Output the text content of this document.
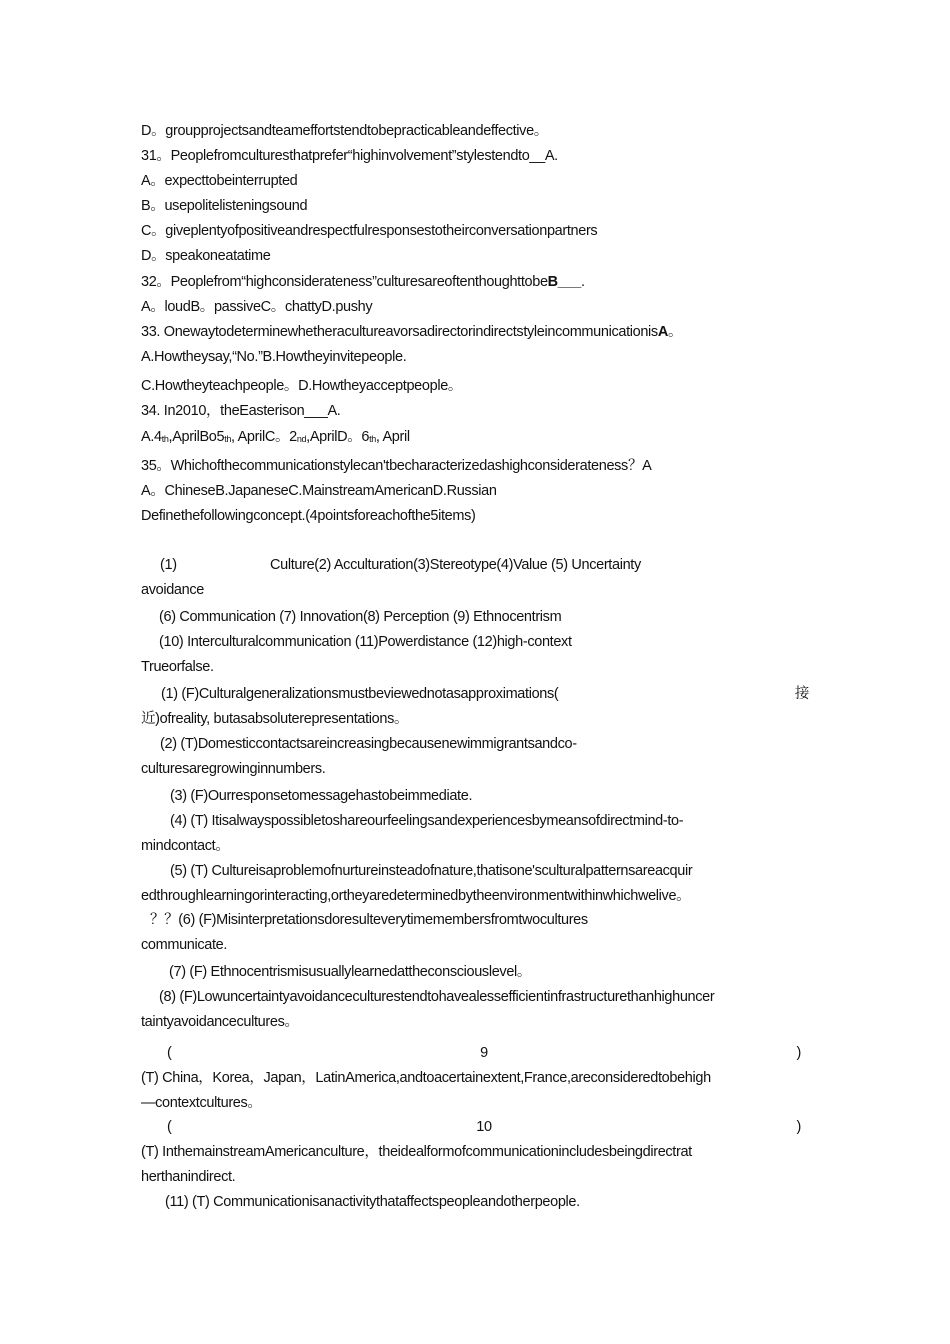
D。groupprojectsandteameffortstendtobepracticableandeffective。
31。Peoplefromculturesthatprefer“highinvolvement”stylestendto__A.
A。expecttobeinterrupted
B。usepolitelisteningsound
C。giveplentyofpositiveandrespectfulresponsestotheirconversationpartners
D。speakoneatatime
32。Peoplefrom“highconsiderateness”culturesareoftenthoughttobeB___.
A。loudB。passiveC。chattyD.pushy
33. OnewaytodeterminewhetheracultureavorsadirectorindirectstyleincommunicationisA。
A.Howtheysay,“No.”B.Howtheyinvitepeople.
C.Howtheyteachpeople。D.Howtheyacceptpeople。
34. In2010，theEasterison___A.
$A.4_{th},AprilBo5_{th}$, AprilC。$2_{nd},AprilD$。$6_{th}$, April
35。Whichofthecommunicationstylecan'tbecharacterizedashighconsiderateness？A
A。ChineseB.JapaneseC.MainstreamAmericanD.Russian
Definethefollowingconcept.(4pointsforeachofthe5items)
(1)	Culture(2) Acculturation(3)Stereotype(4)Value (5) Uncertainty
avoidance
(6) Communication (7) Innovation(8) Perception (9) Ethnocentrism
(10) Interculturalcommunication (11)Powerdistance (12)high-context
Trueorfalse.
(1) (F)Culturalgeneralizationsmustbeviewednotasapproximations(	接
近)ofreality, butasabsoluterepresentations。
(2) (T)Domesticcontactsareincreasingbecausenewimmigrantsandco-
culturesaregrowinginnumbers.
(3) (F)Ourresponsetomessagehastobeimmediate.
(4) (T) Itisalwayspossibletoshareourfeelingsandexperiencesbymeansofdirectmind-to-
mindcontact。
(5) (T) Cultureisaproblemofnurtureinsteadofnature,thatisone'sculturalpatternsareacquir
edthroughlearningorinteracting,ortheyaredeterminedbytheenvironmentwithinwhichwelive。
？？(6) (F)Misinterpretationsdoresulteverytimemembersfromtwocultures
communicate.
(7) (F) Ethnocentrismisusuallylearnedattheconsciouslevel。
(8) (F)Lowuncertaintyavoidanceculturestendtohavealessefficientinfrastructurethanhighuncer
taintyavoidancecultures。
(	9	)
(T) China，Korea，Japan，LatinAmerica,andtoacertainextent,France,areconsideredtobehigh
—contextcultures。
(	10	)
(T) InthemainstreamAmericanculture，theidealformofcommunicationincludesbeingdirectrat
herthanindirect.
(11) (T) Communicationisanactivitythataffectspeopleandotherpeople.
